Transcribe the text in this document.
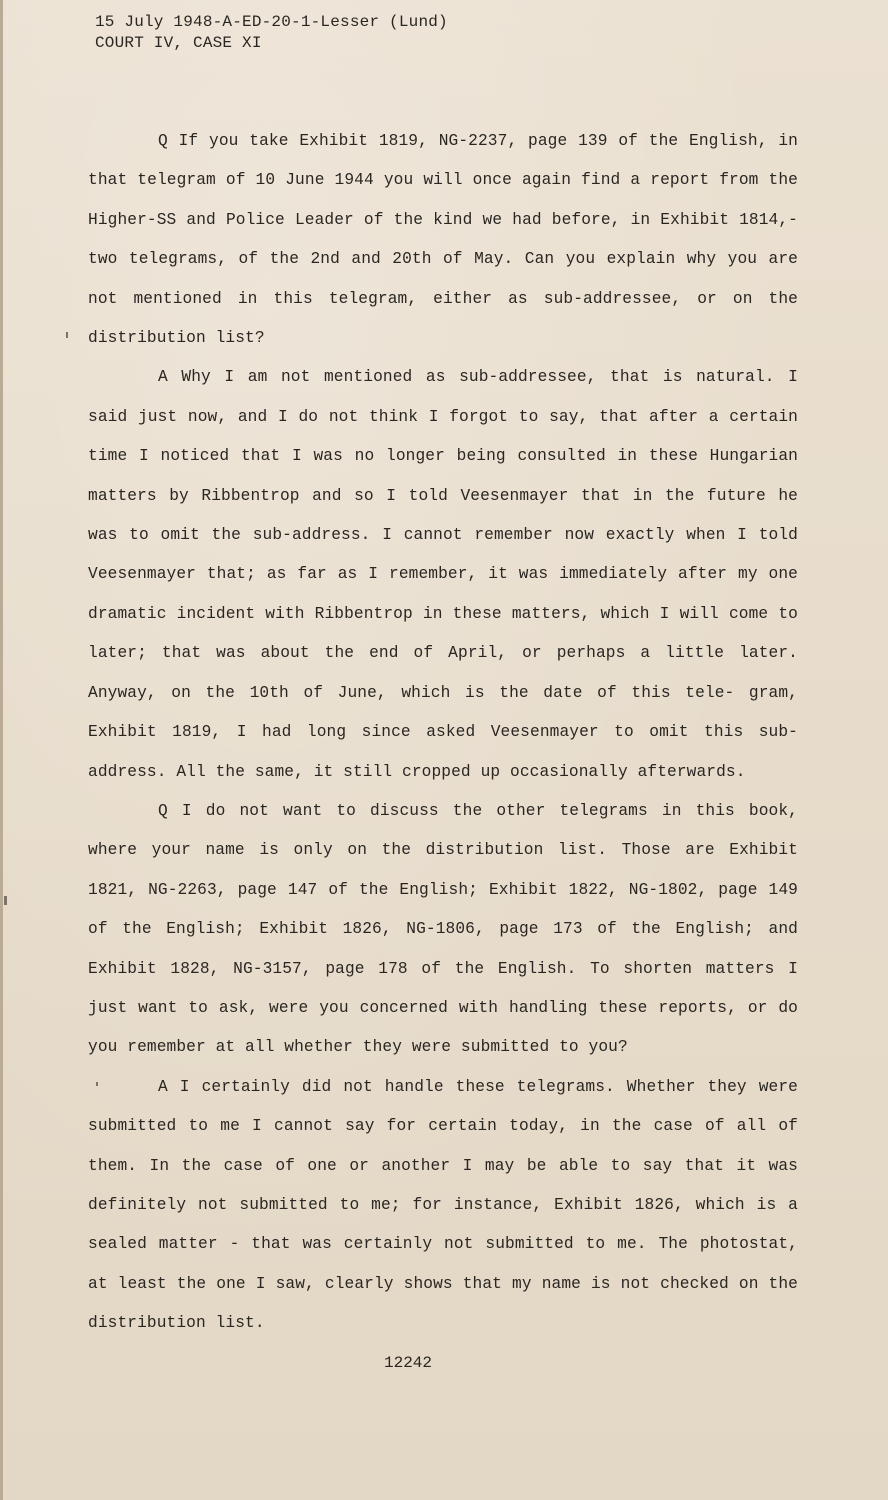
15 July 1948-A-ED-20-1-Lesser (Lund)
COURT IV, CASE XI

Q If you take Exhibit 1819, NG-2237, page 139 of the English, in that telegram of 10 June 1944 you will once again find a report from the Higher-SS and Police Leader of the kind we had before, in Exhibit 1814,- two telegrams, of the 2nd and 20th of May. Can you explain why you are not mentioned in this telegram, either as sub-addressee, or on the distribution list?

A Why I am not mentioned as sub-addressee, that is natural. I said just now, and I do not think I forgot to say, that after a certain time I noticed that I was no longer being consulted in these Hungarian matters by Ribbentrop and so I told Veesenmayer that in the future he was to omit the sub-address. I cannot remember now exactly when I told Veesenmayer that; as far as I remember, it was immediately after my one dramatic incident with Ribbentrop in these matters, which I will come to later; that was about the end of April, or perhaps a little later. Anyway, on the 10th of June, which is the date of this tele- gram, Exhibit 1819, I had long since asked Veesenmayer to omit this sub-address. All the same, it still cropped up occasionally afterwards.

Q I do not want to discuss the other telegrams in this book, where your name is only on the distribution list. Those are Exhibit 1821, NG-2263, page 147 of the English; Exhibit 1822, NG-1802, page 149 of the English; Exhibit 1826, NG-1806, page 173 of the English; and Exhibit 1828, NG-3157, page 178 of the English. To shorten matters I just want to ask, were you concerned with handling these reports, or do you remember at all whether they were submitted to you?

A I certainly did not handle these telegrams. Whether they were submitted to me I cannot say for certain today, in the case of all of them. In the case of one or another I may be able to say that it was definitely not submitted to me; for instance, Exhibit 1826, which is a sealed matter - that was certainly not submitted to me. The photostat, at least the one I saw, clearly shows that my name is not checked on the distribution list.

12242
